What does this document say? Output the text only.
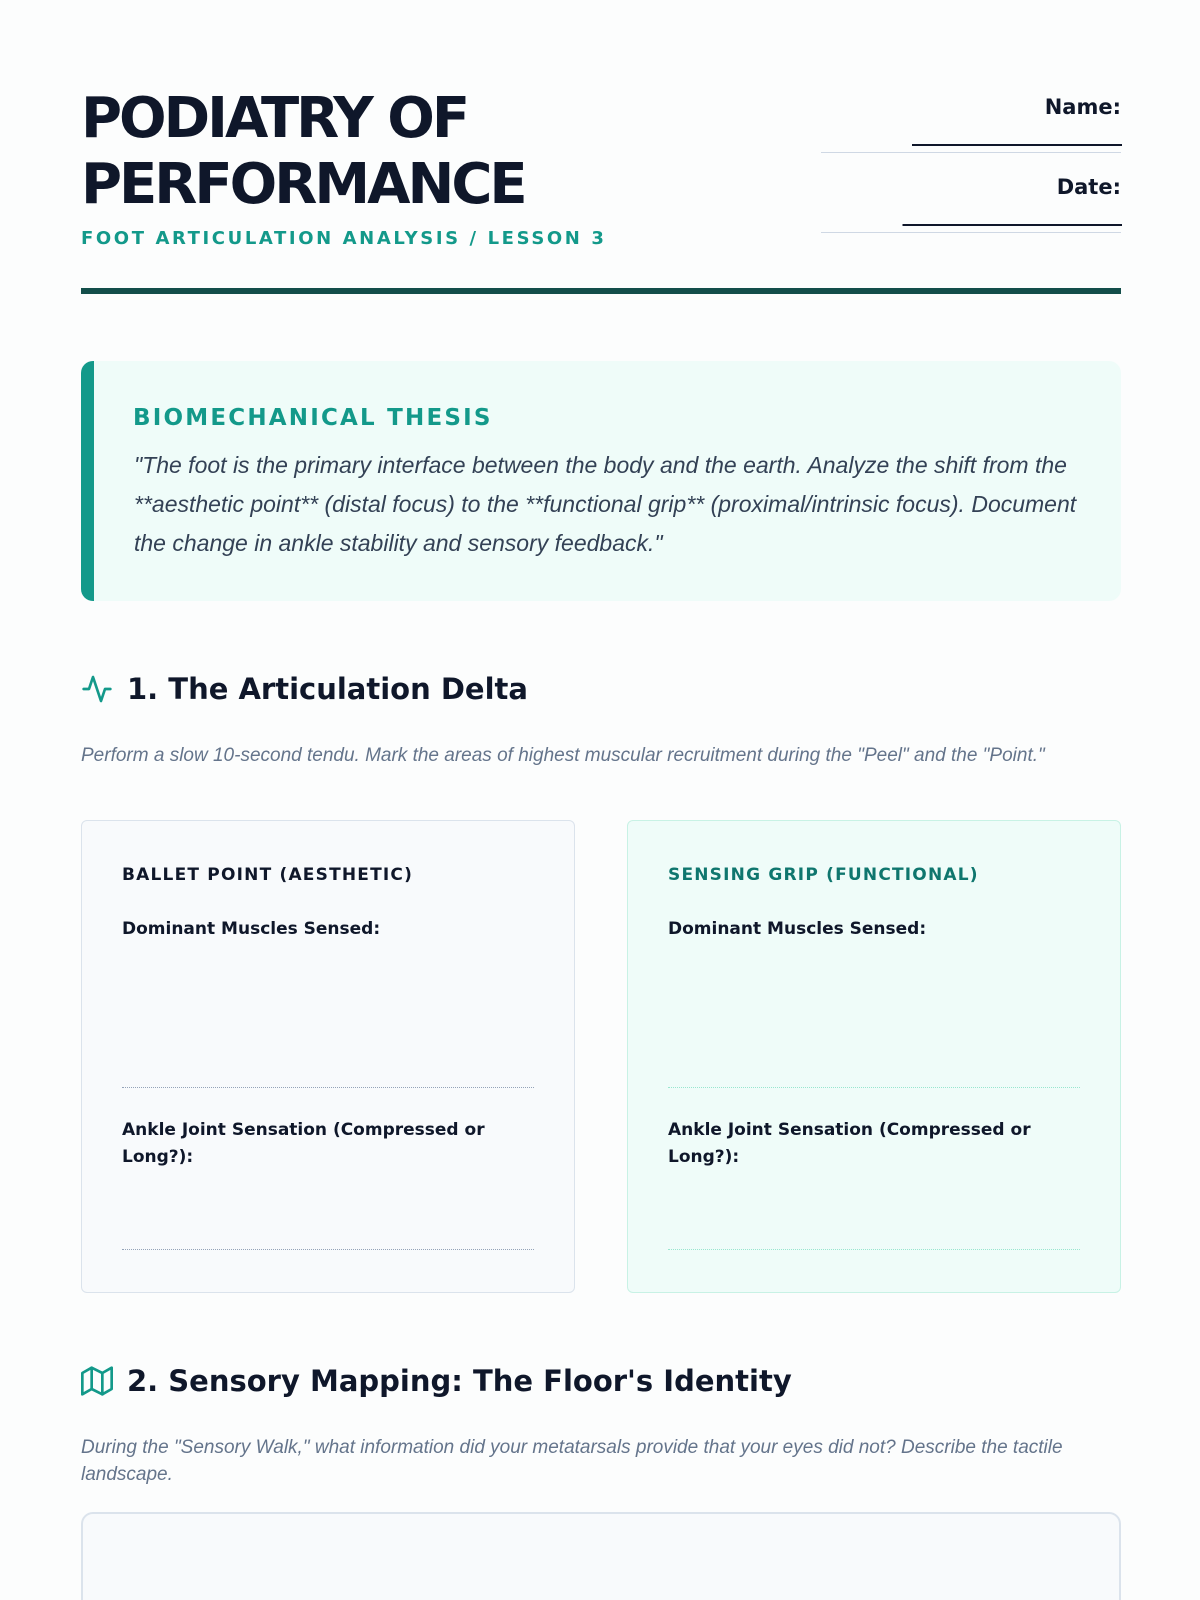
PODIATRY OF PERFORMANCE
FOOT ARTICULATION ANALYSIS / LESSON 3
Name:
______________________
Date:
_______________________
BIOMECHANICAL THESIS
"The foot is the primary interface between the body and the earth. Analyze the shift from the **aesthetic point** (distal focus) to the **functional grip** (proximal/intrinsic focus). Document the change in ankle stability and sensory feedback."
1. The Articulation Delta
Perform a slow 10-second tendu. Mark the areas of highest muscular recruitment during the "Peel" and the "Point."
BALLET POINT (AESTHETIC)
Dominant Muscles Sensed:
Ankle Joint Sensation (Compressed or Long?):
SENSING GRIP (FUNCTIONAL)
Dominant Muscles Sensed:
Ankle Joint Sensation (Compressed or Long?):
2. Sensory Mapping: The Floor's Identity
During the "Sensory Walk," what information did your metatarsals provide that your eyes did not? Describe the tactile landscape.
